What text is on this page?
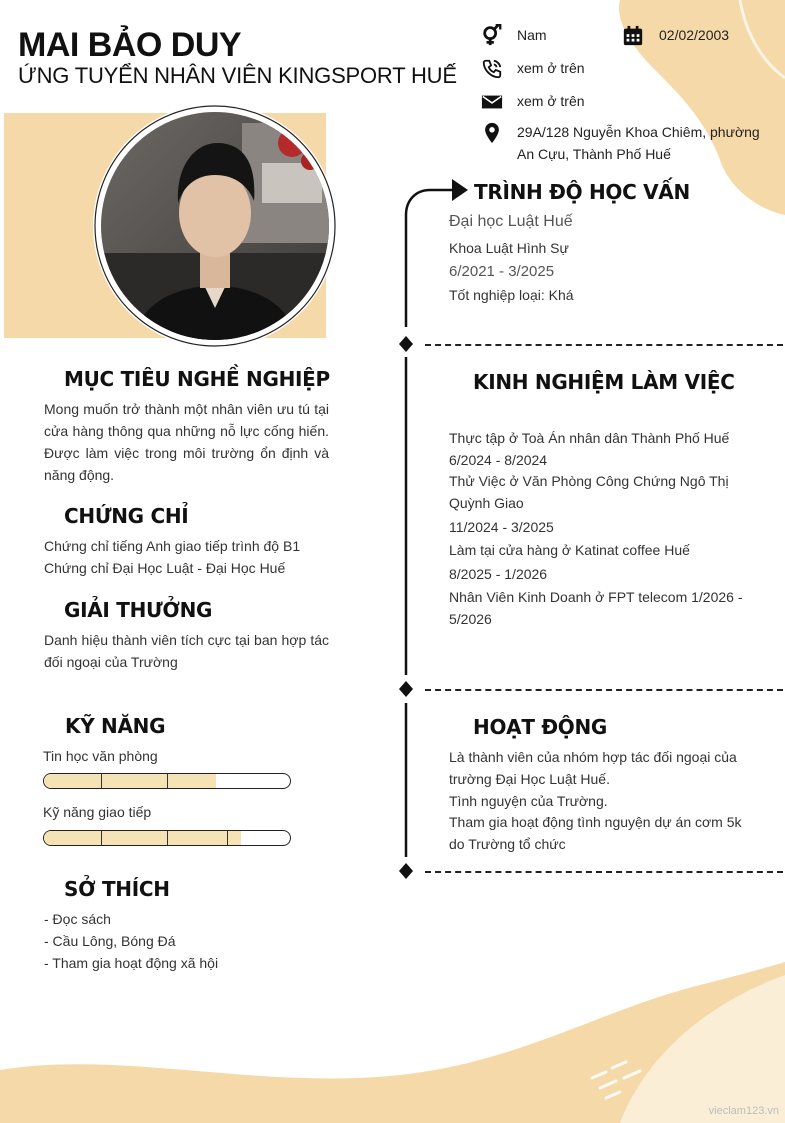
MAI BẢO DUY
ỨNG TUYỂN NHÂN VIÊN KINGSPORT HUẾ
Nam	02/02/2003
xem ở trên
xem ở trên
29A/128 Nguyễn Khoa Chiêm, phường
An Cựu, Thành Phố Huế
MỤC TIÊU NGHỀ NGHIỆP
Mong muốn trở thành một nhân viên ưu tú tại cửa hàng thông qua những nỗ lực cống hiến. Được làm việc trong môi trường ổn định và năng động.
CHỨNG CHỈ
Chứng chỉ tiếng Anh giao tiếp trình độ B1
Chứng chỉ Đại Học Luật - Đại Học Huế
GIẢI THƯỞNG
Danh hiệu thành viên tích cực tại ban hợp tác đối ngoại của Trường
KỸ NĂNG
Tin học văn phòng
Kỹ năng giao tiếp
SỞ THÍCH
- Đọc sách
- Cầu Lông, Bóng Đá
- Tham gia hoạt động xã hội
TRÌNH ĐỘ HỌC VẤN
Đại học Luật Huế
Khoa Luật Hình Sự
6/2021 - 3/2025
Tốt nghiệp loại: Khá
KINH NGHIỆM LÀM VIỆC
Thực tập ở Toà Án nhân dân Thành Phố Huế
6/2024 - 8/2024
Thử Việc ở Văn Phòng Công Chứng Ngô Thị
Quỳnh Giao
11/2024 - 3/2025
Làm tại cửa hàng ở Katinat coffee Huế
8/2025 - 1/2026
Nhân Viên Kinh Doanh ở FPT telecom 1/2026 -
5/2026
HOẠT ĐỘNG
Là thành viên của nhóm hợp tác đối ngoại của
trường Đại Học Luật Huế.
Tình nguyện của Trường.
Tham gia hoạt động tình nguyện dự án cơm 5k
do Trường tổ chức
vieclam123.vn
